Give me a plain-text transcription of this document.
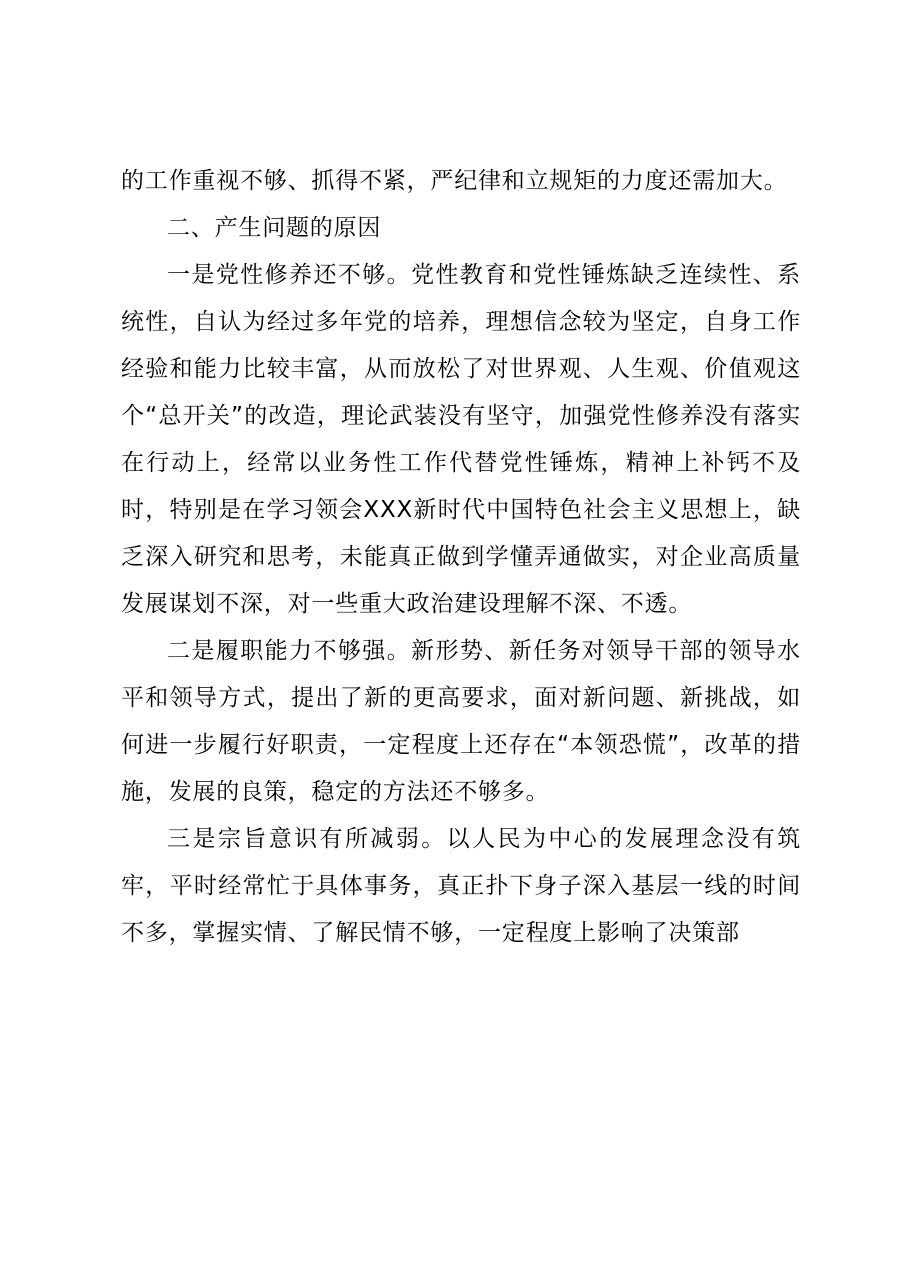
的工作重视不够、抓得不紧，严纪律和立规矩的力度还需加大。

二、产生问题的原因

一是党性修养还不够。党性教育和党性锤炼缺乏连续性、系统性，自认为经过多年党的培养，理想信念较为坚定，自身工作经验和能力比较丰富，从而放松了对世界观、人生观、价值观这个“总开关”的改造，理论武装没有坚守，加强党性修养没有落实在行动上，经常以业务性工作代替党性锤炼，精神上补钙不及时，特别是在学习领会XXX新时代中国特色社会主义思想上，缺乏深入研究和思考，未能真正做到学懂弄通做实，对企业高质量发展谋划不深，对一些重大政治建设理解不深、不透。

二是履职能力不够强。新形势、新任务对领导干部的领导水平和领导方式，提出了新的更高要求，面对新问题、新挑战，如何进一步履行好职责，一定程度上还存在“本领恐慌”，改革的措施，发展的良策，稳定的方法还不够多。

三是宗旨意识有所减弱。以人民为中心的发展理念没有筑牢，平时经常忙于具体事务，真正扑下身子深入基层一线的时间不多，掌握实情、了解民情不够，一定程度上影响了决策部
